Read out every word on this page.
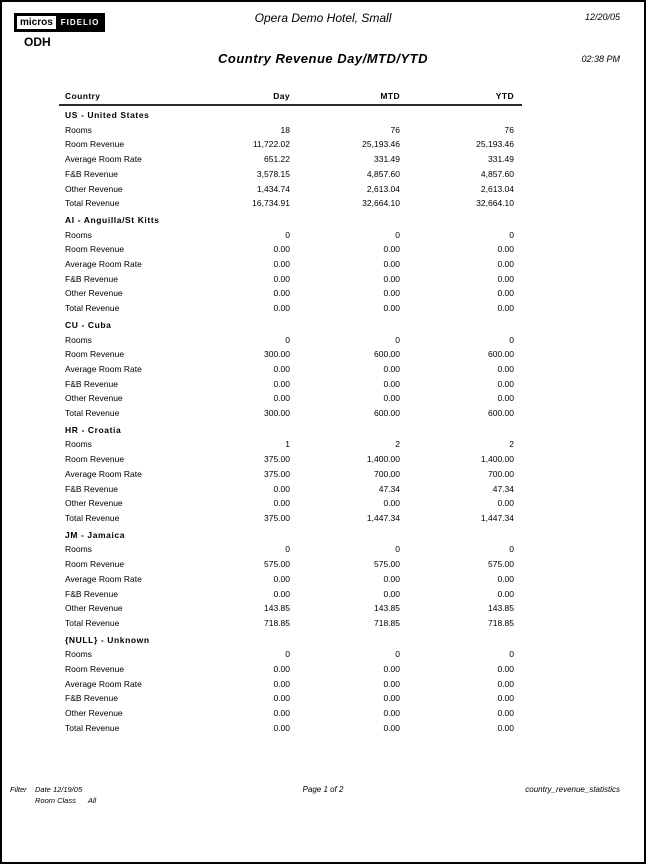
micros	FIDELIO
ODH
Opera Demo Hotel, Small
Country Revenue Day/MTD/YTD
12/20/05
02:38 PM
Country	Day	MTD	YTD
US - United States			
Rooms	18	76	76
Room Revenue	11,722.02	25,193.46	25,193.46
Average Room Rate	651.22	331.49	331.49
F&B Revenue	3,578.15	4,857.60	4,857.60
Other Revenue	1,434.74	2,613.04	2,613.04
Total Revenue	16,734.91	32,664.10	32,664.10
AI - Anguilla/St Kitts			
Rooms	0	0	0
Room Revenue	0.00	0.00	0.00
Average Room Rate	0.00	0.00	0.00
F&B Revenue	0.00	0.00	0.00
Other Revenue	0.00	0.00	0.00
Total Revenue	0.00	0.00	0.00
CU - Cuba			
Rooms	0	0	0
Room Revenue	300.00	600.00	600.00
Average Room Rate	0.00	0.00	0.00
F&B Revenue	0.00	0.00	0.00
Other Revenue	0.00	0.00	0.00
Total Revenue	300.00	600.00	600.00
HR - Croatia			
Rooms	1	2	2
Room Revenue	375.00	1,400.00	1,400.00
Average Room Rate	375.00	700.00	700.00
F&B Revenue	0.00	47.34	47.34
Other Revenue	0.00	0.00	0.00
Total Revenue	375.00	1,447.34	1,447.34
JM - Jamaica			
Rooms	0	0	0
Room Revenue	575.00	575.00	575.00
Average Room Rate	0.00	0.00	0.00
F&B Revenue	0.00	0.00	0.00
Other Revenue	143.85	143.85	143.85
Total Revenue	718.85	718.85	718.85
{NULL} - Unknown			
Rooms	0	0	0
Room Revenue	0.00	0.00	0.00
Average Room Rate	0.00	0.00	0.00
F&B Revenue	0.00	0.00	0.00
Other Revenue	0.00	0.00	0.00
Total Revenue	0.00	0.00	0.00
Filter Date 12/19/05
Room Class All
Page 1 of 2	country_revenue_statistics
